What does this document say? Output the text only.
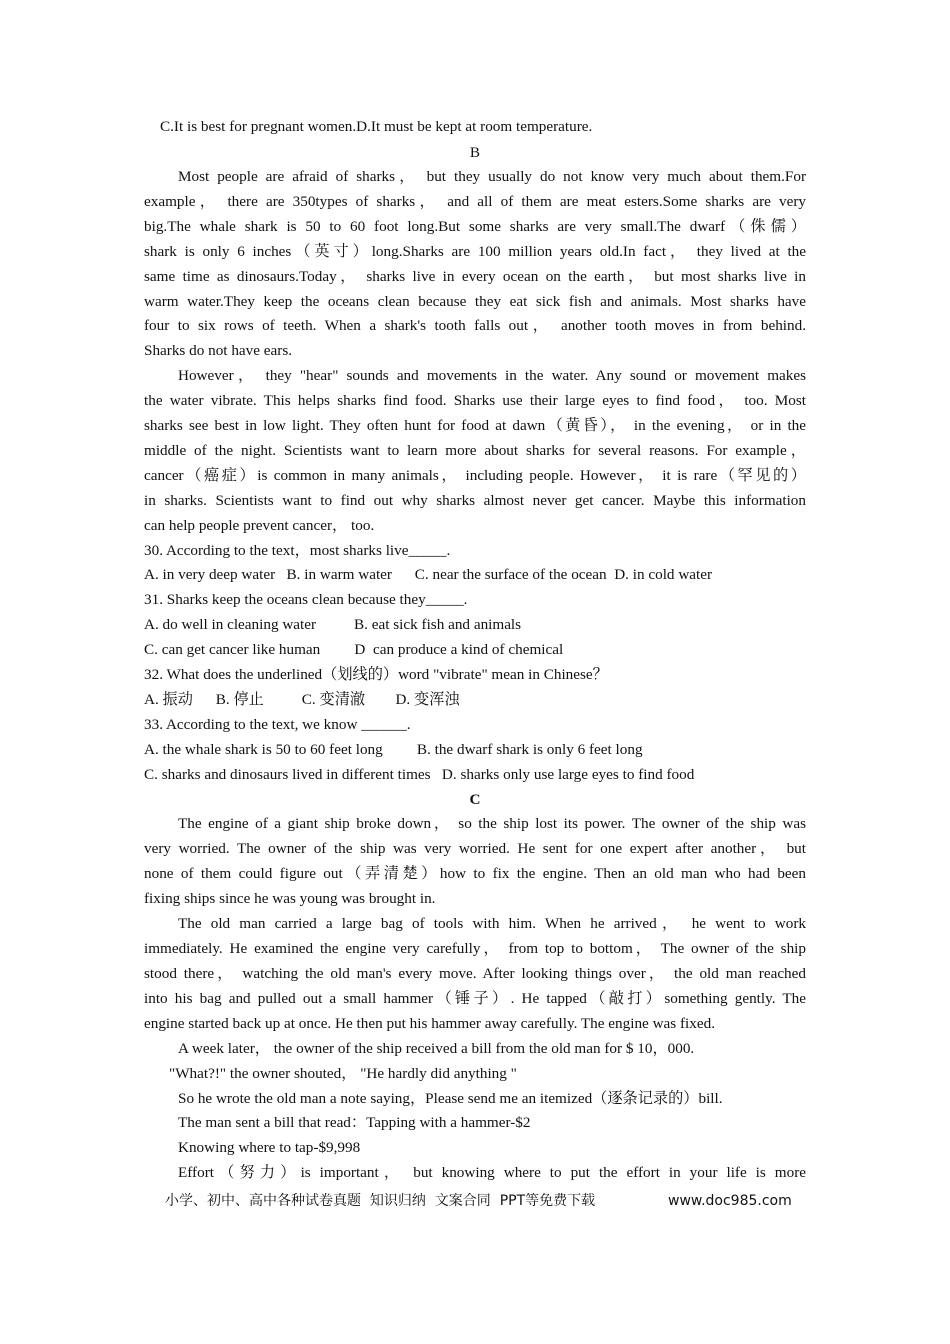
C.It is best for pregnant women.D.It must be kept at room temperature.
B
Most people are afraid of sharks， but they usually do not know very much about them.For
example， there are 350types of sharks， and all of them are meat esters.Some sharks are very
big.The whale shark is 50 to 60 foot long.But some sharks are very small.The dwarf（侏儒）
shark is only 6 inches（英寸）long.Sharks are 100 million years old.In fact， they lived at the
same time as dinosaurs.Today， sharks live in every ocean on the earth， but most sharks live in
warm water.They keep the oceans clean because they eat sick fish and animals. Most sharks have
four to six rows of teeth. When a shark's tooth falls out， another tooth moves in from behind.
Sharks do not have ears.
However， they "hear" sounds and movements in the water. Any sound or movement makes
the water vibrate. This helps sharks find food. Sharks use their large eyes to find food， too. Most
sharks see best in low light. They often hunt for food at dawn（黄昏）， in the evening， or in the
middle of the night. Scientists want to learn more about sharks for several reasons. For example，
cancer（癌症）is common in many animals， including people. However， it is rare（罕见的）
in sharks. Scientists want to find out why sharks almost never get cancer. Maybe this information
can help people prevent cancer， too.
30. According to the text，most sharks live_____.
A. in very deep water   B. in warm water      C. near the surface of the ocean  D. in cold water
31. Sharks keep the oceans clean because they_____.
A. do well in cleaning water          B. eat sick fish and animals
C. can get cancer like human         D  can produce a kind of chemical
32. What does the underlined（划线的）word "vibrate" mean in Chinese？
A. 振动      B. 停止          C. 变清澈        D. 变浑浊
33. According to the text, we know ______.
A. the whale shark is 50 to 60 feet long         B. the dwarf shark is only 6 feet long
C. sharks and dinosaurs lived in different times   D. sharks only use large eyes to find food
C
The engine of a giant ship broke down， so the ship lost its power. The owner of the ship was
very worried. The owner of the ship was very worried. He sent for one expert after another， but
none of them could figure out（弄清楚）how to fix the engine. Then an old man who had been
fixing ships since he was young was brought in.
The old man carried a large bag of tools with him. When he arrived， he went to work
immediately. He examined the engine very carefully， from top to bottom， The owner of the ship
stood there， watching the old man's every move. After looking things over， the old man reached
into his bag and pulled out a small hammer（锤子）. He tapped（敲打）something gently. The
engine started back up at once. He then put his hammer away carefully. The engine was fixed.
A week later， the owner of the ship received a bill from the old man for $ 10，000.
"What?!" the owner shouted， "He hardly did anything "
So he wrote the old man a note saying，Please send me an itemized（逐条记录的）bill.
The man sent a bill that read：Tapping with a hammer-$2
Knowing where to tap-$9,998
Effort（努力）is important， but knowing where to put the effort in your life is more
小学、初中、高中各种试卷真题  知识归纳  文案合同  PPT等免费下载	www.doc985.com
